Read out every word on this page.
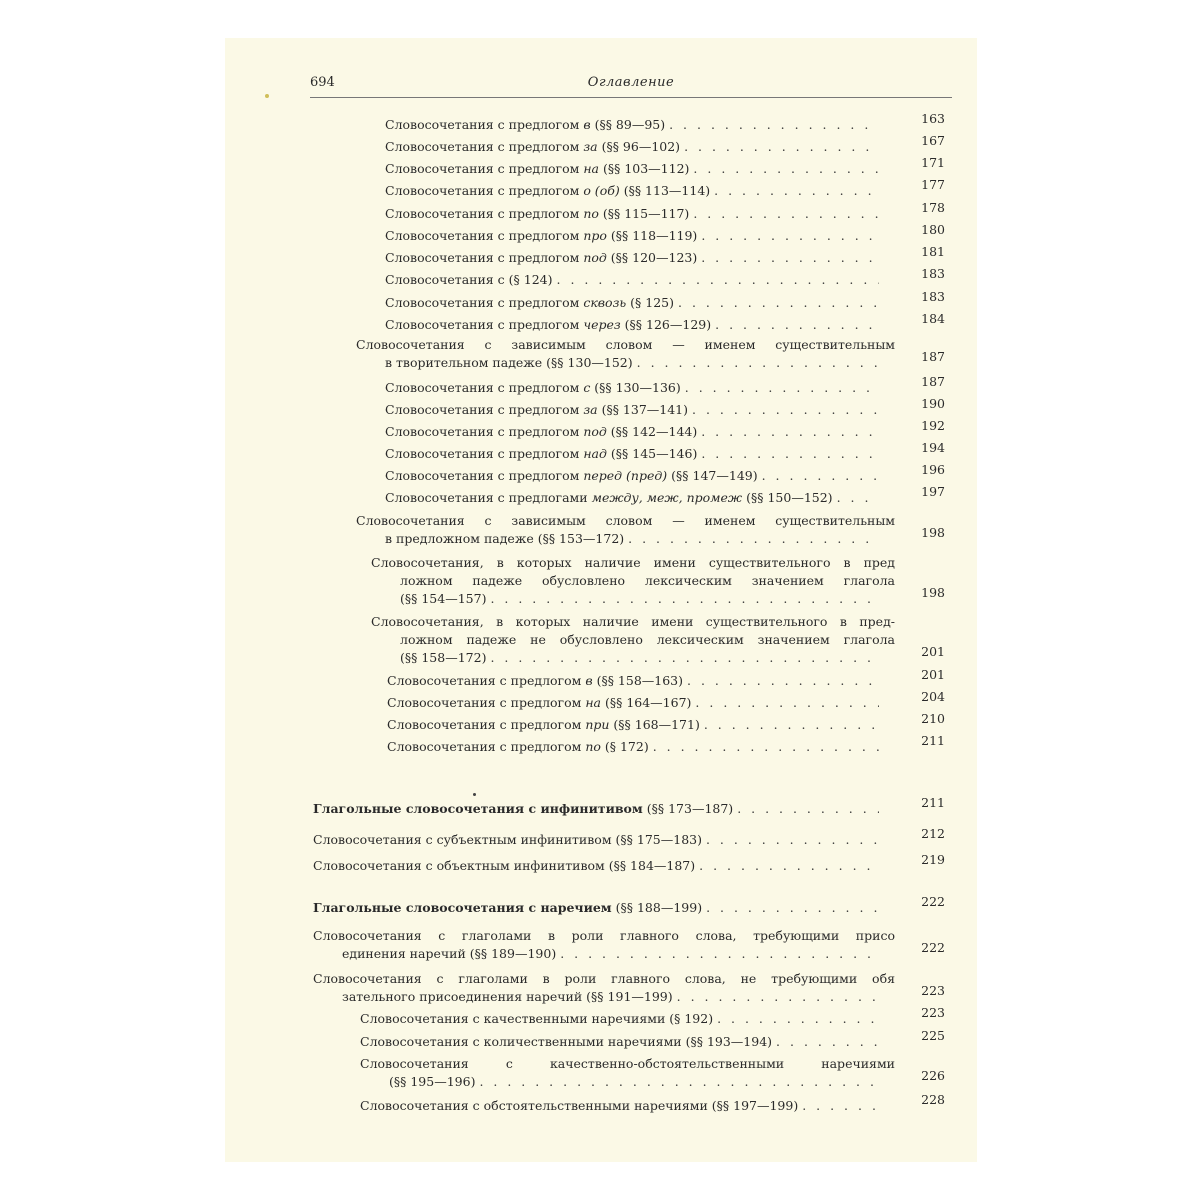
694	Оглавление
Словосочетания с предлогом в (§§ 89—95) . . .	163
Словосочетания с предлогом за (§§ 96—102) . . .	167
Словосочетания с предлогом на (§§ 103—112) . . .	171
Словосочетания с предлогом о (об) (§§ 113—114) . . .	177
Словосочетания с предлогом по (§§ 115—117) . . .	178
Словосочетания с предлогом про (§§ 118—119) . . .	180
Словосочетания с предлогом под (§§ 120—123) . . .	181
Словосочетания с (§ 124) . . .	183
Словосочетания с предлогом сквозь (§ 125) . . .	183
Словосочетания с предлогом через (§§ 126—129) . . .	184
Словосочетания с зависимым словом — именем существительным
в творительном падеже (§§ 130—152) . . .	187
Словосочетания с предлогом с (§§ 130—136) . . .	187
Словосочетания с предлогом за (§§ 137—141) . . .	190
Словосочетания с предлогом под (§§ 142—144) . . .	192
Словосочетания с предлогом над (§§ 145—146) . . .	194
Словосочетания с предлогом перед (пред) (§§ 147—149) . . .	196
Словосочетания с предлогами между, меж, промеж (§§ 150—152) . . .	197
Словосочетания с зависимым словом — именем существительным
в предложном падеже (§§ 153—172) . . .	198
Словосочетания, в которых наличие имени существительного в пред
ложном падеже обусловлено лексическим значением глагола
(§§ 154—157) . . .	198
Словосочетания, в которых наличие имени существительного в пред-
ложном падеже не обусловлено лексическим значением глагола
(§§ 158—172) . . .	201
Словосочетания с предлогом в (§§ 158—163) . . .	201
Словосочетания с предлогом на (§§ 164—167) . . .	204
Словосочетания с предлогом при (§§ 168—171) . . .	210
Словосочетания с предлогом по (§ 172) . . .	211
Глагольные словосочетания с инфинитивом (§§ 173—187) . . .	211
Словосочетания с субъектным инфинитивом (§§ 175—183) . . .	212
Словосочетания с объектным инфинитивом (§§ 184—187) . . .	219
Глагольные словосочетания с наречием (§§ 188—199) . . .	222
Словосочетания с глаголами в роли главного слова, требующими присо
единения наречий (§§ 189—190) . . .	222
Словосочетания с глаголами в роли главного слова, не требующими обя
зательного присоединения наречий (§§ 191—199) . . .	223
Словосочетания с качественными наречиями (§ 192) . . .	223
Словосочетания с количественными наречиями (§§ 193—194) . . .	225
Словосочетания с качественно-обстоятельственными наречиями
(§§ 195—196) . . .	226
Словосочетания с обстоятельственными наречиями (§§ 197—199) . . .	228
